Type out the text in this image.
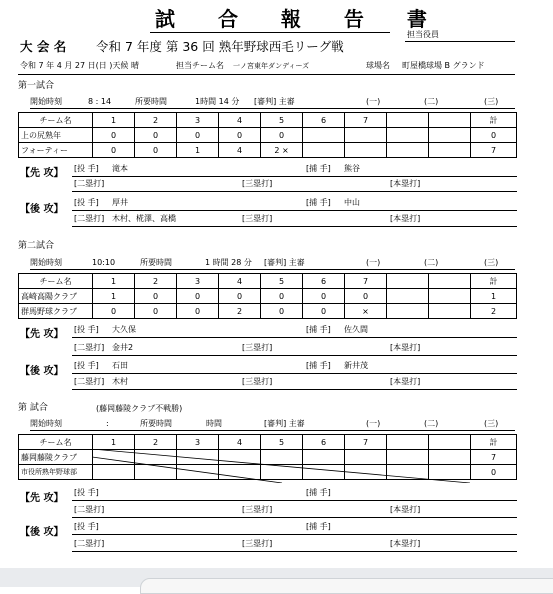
試 合 報 告 書
担当役員
大 会 名 令和 7 年度 第 36 回 熟年野球西毛リーグ戦
令和 7 年 4 月 27 日(日 )天候 晴	担当チーム名 一ノ宮東年ダンディーズ	球場名 町屋橋球場 B グランド
第一試合
開始時刻	8 : 14	所要時間	1時間 14 分 [審判] 主審	(一)	(二)	(三)
チーム名	1	2	3	4	5	6	7			計
上の尻熟年	0	0	0	0	0					0
フォーティー	0	0	1	4	2 ×					7
【先 攻】 [投 手] 滝本	[捕 手] 熊谷
[二塁打]	[三塁打]	[本塁打]
【後 攻】
[投 手] 厚井	[捕 手] 中山
[二塁打] 木村、椛澤、高橋	[三塁打]	[本塁打]
第二試合
開始時刻	10:10	所要時間	1 時間 28 分 [審判] 主審	(一)	(二)	(三)
チーム名	1	2	3	4	5	6	7			計
高崎高陽クラブ	1	0	0	0	0	0	0			1
群馬野球クラブ	0	0	0	2	0	0	×			2
【先 攻】 [投 手] 大久保	[捕 手] 佐久間
[二塁打] 金井2	[三塁打]	[本塁打]
【後 攻】
[投 手] 石田	[捕 手] 新井茂
[二塁打] 木村	[三塁打]	[本塁打]
第 試合	(藤岡藤陵クラブ不戦勝)
開始時刻	:	所要時間	時間	[審判] 主審	(一)	(二)	(三)
チーム名	1	2	3	4	5	6	7			計
藤岡藤陵クラブ										7
市役所熟年野球部										0
【先 攻】
[投 手]	[捕 手]
[二塁打]	[三塁打]	[本塁打]
【後 攻】
[投 手]	[捕 手]
[二塁打]	[三塁打]	[本塁打]
